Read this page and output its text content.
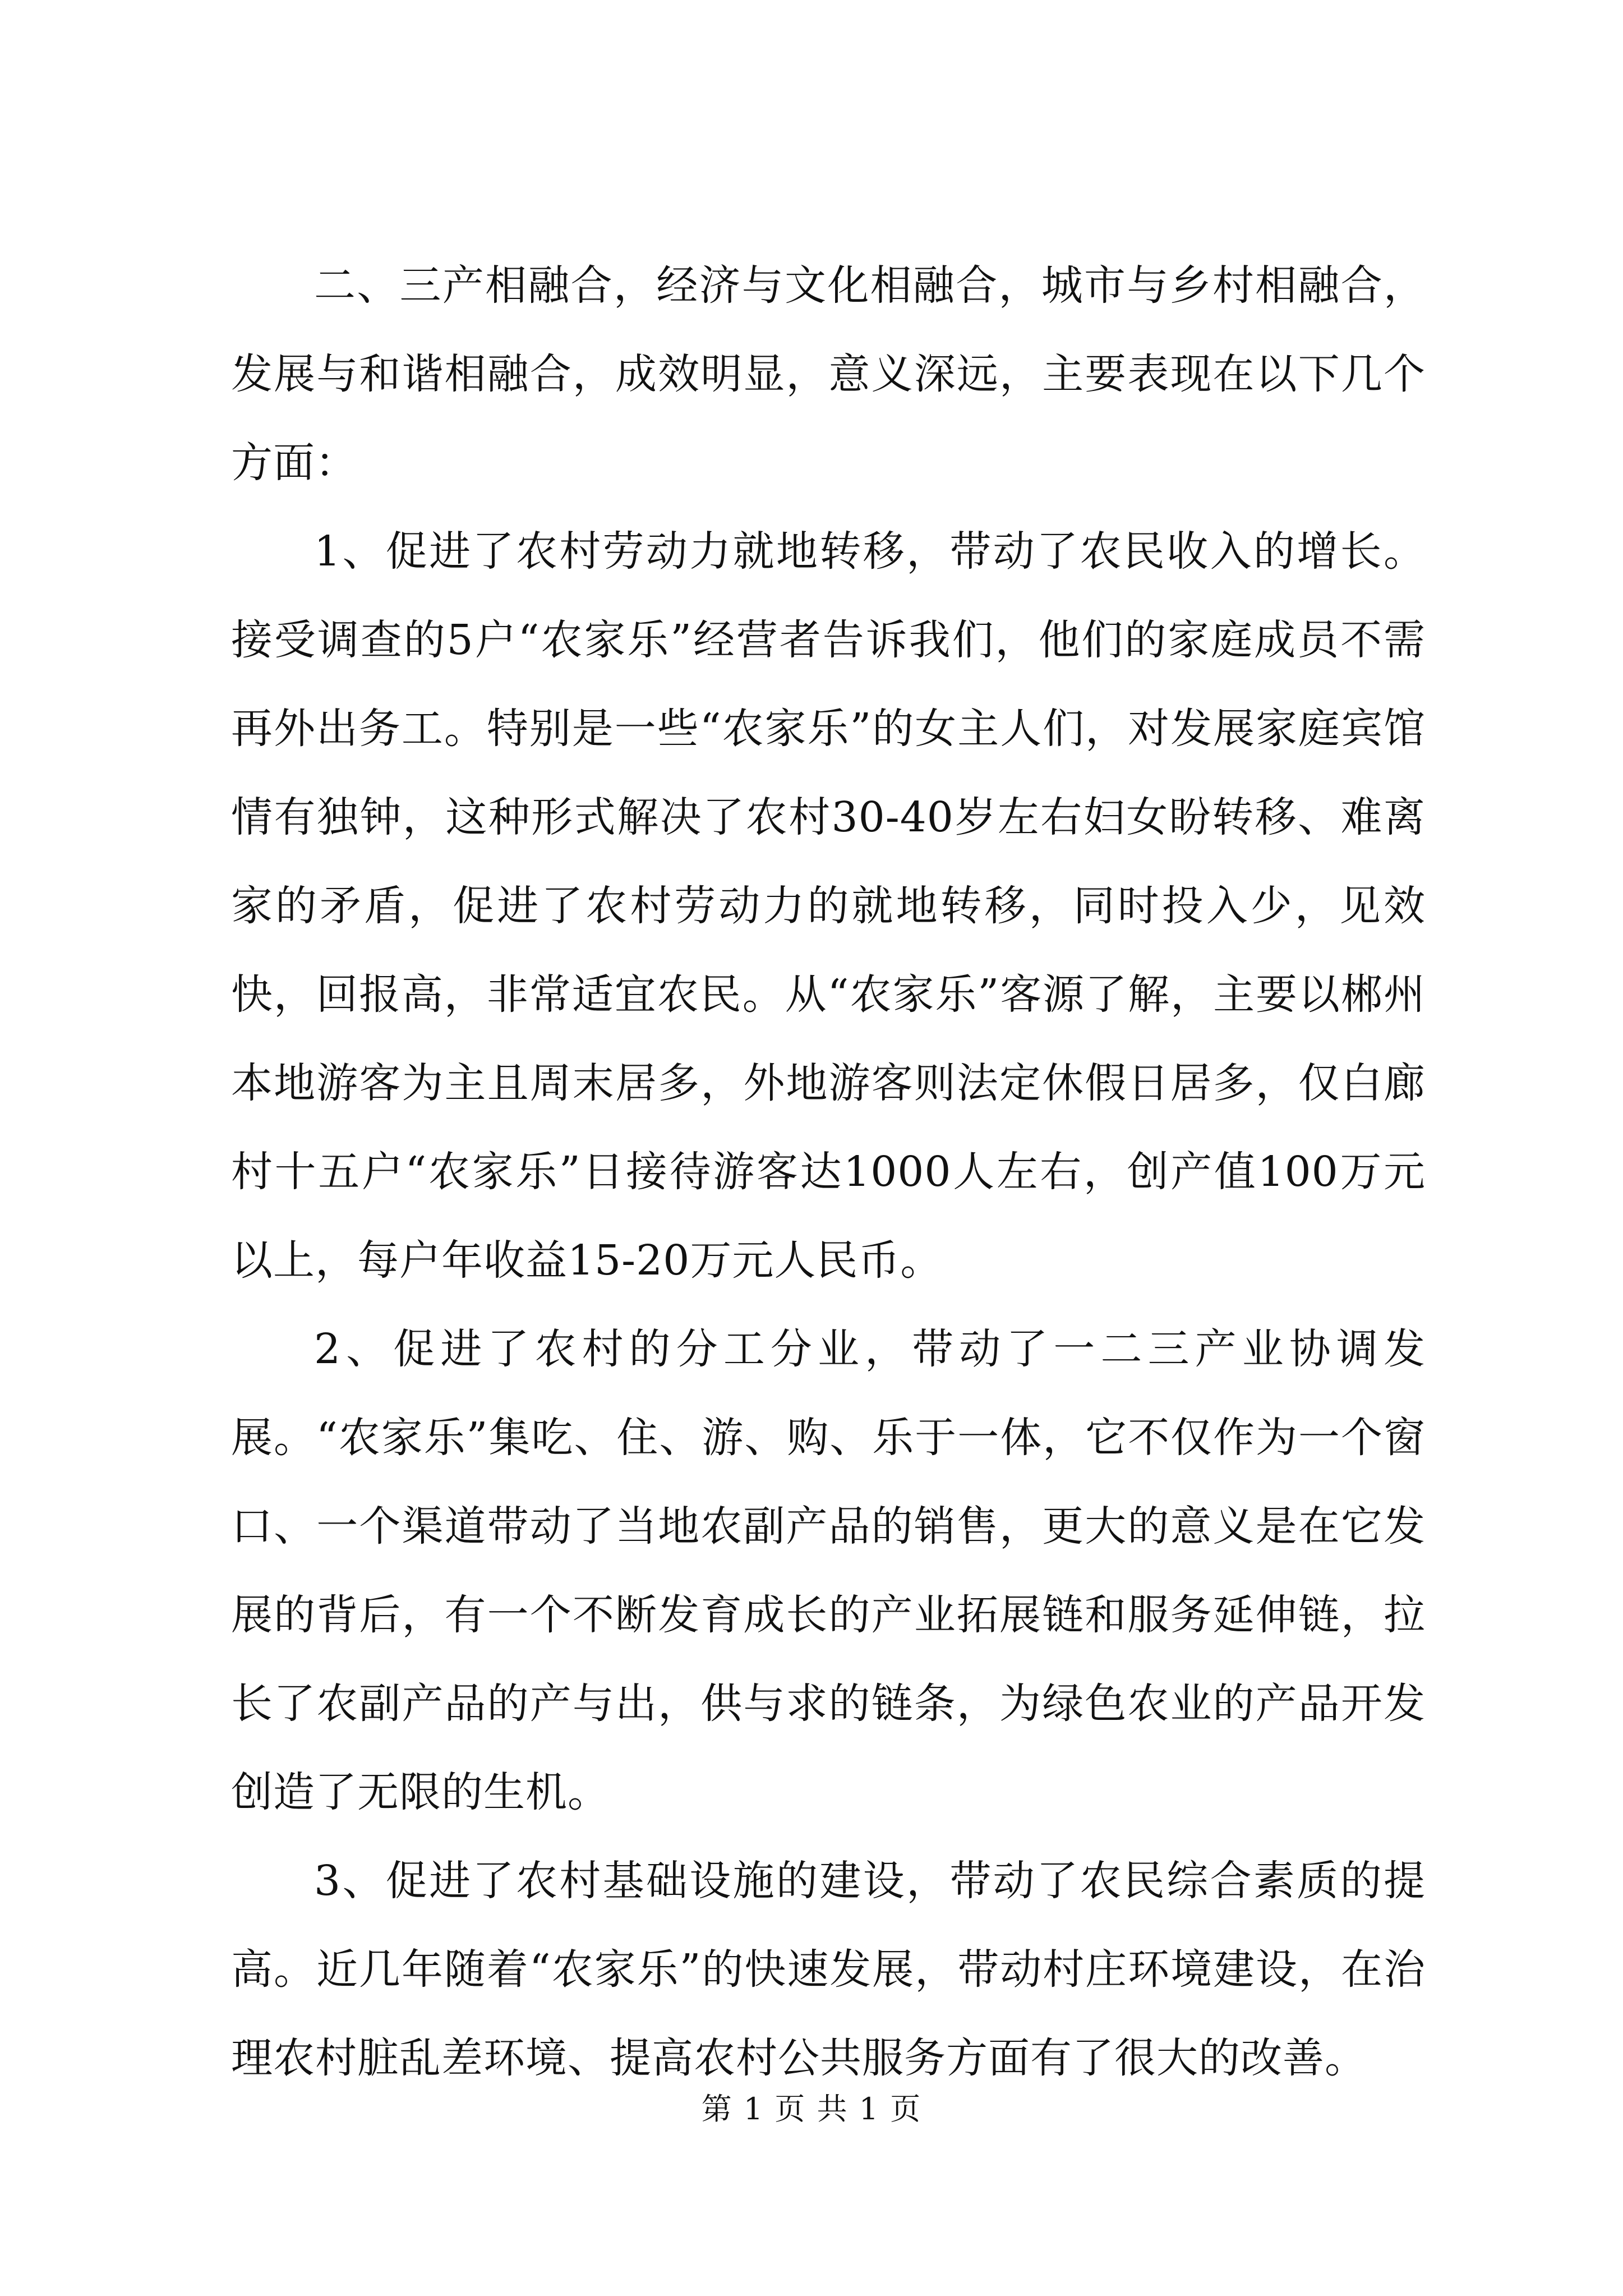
二、三产相融合，经济与文化相融合，城市与乡村相融合，发展与和谐相融合，成效明显，意义深远，主要表现在以下几个方面：

1、促进了农村劳动力就地转移，带动了农民收入的增长。接受调查的5户“农家乐”经营者告诉我们，他们的家庭成员不需再外出务工。特别是一些“农家乐”的女主人们，对发展家庭宾馆情有独钟，这种形式解决了农村30-40岁左右妇女盼转移、难离家的矛盾，促进了农村劳动力的就地转移，同时投入少，见效快，回报高，非常适宜农民。从“农家乐”客源了解，主要以郴州本地游客为主且周末居多，外地游客则法定休假日居多，仅白廊村十五户“农家乐”日接待游客达1000人左右，创产值100万元以上，每户年收益15-20万元人民币。

2、促进了农村的分工分业，带动了一二三产业协调发展。“农家乐”集吃、住、游、购、乐于一体，它不仅作为一个窗口、一个渠道带动了当地农副产品的销售，更大的意义是在它发展的背后，有一个不断发育成长的产业拓展链和服务延伸链，拉长了农副产品的产与出，供与求的链条，为绿色农业的产品开发创造了无限的生机。

3、促进了农村基础设施的建设，带动了农民综合素质的提高。近几年随着“农家乐”的快速发展，带动村庄环境建设，在治理农村脏乱差环境、提高农村公共服务方面有了很大的改善。

第 1 页 共 1 页
